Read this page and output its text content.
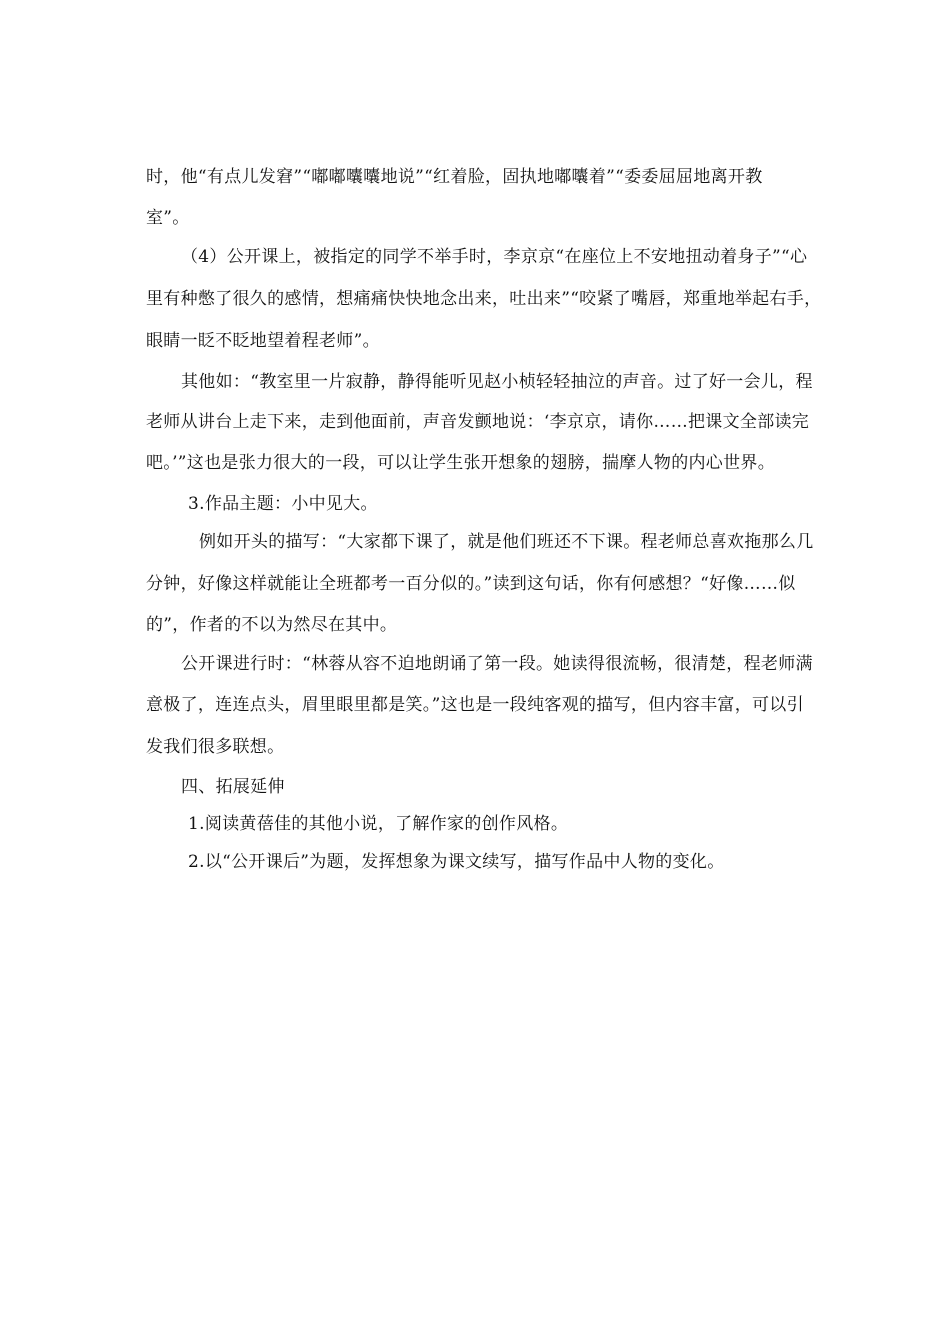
时，他“有点儿发窘”“嘟嘟囔囔地说”“红着脸，固执地嘟囔着”“委委屈屈地离开教
室”。
（4）公开课上，被指定的同学不举手时，李京京“在座位上不安地扭动着身子”“心
里有种憋了很久的感情，想痛痛快快地念出来，吐出来”“咬紧了嘴唇，郑重地举起右手，
眼睛一眨不眨地望着程老师”。
其他如：“教室里一片寂静，静得能听见赵小桢轻轻抽泣的声音。过了好一会儿，程
老师从讲台上走下来，走到他面前，声音发颤地说：‘李京京，请你……把课文全部读完
吧。’”这也是张力很大的一段，可以让学生张开想象的翅膀，揣摩人物的内心世界。
3.作品主题：小中见大。
例如开头的描写：“大家都下课了，就是他们班还不下课。程老师总喜欢拖那么几
分钟，好像这样就能让全班都考一百分似的。”读到这句话，你有何感想？“好像……似
的”，作者的不以为然尽在其中。
公开课进行时：“林蓉从容不迫地朗诵了第一段。她读得很流畅，很清楚，程老师满
意极了，连连点头，眉里眼里都是笑。”这也是一段纯客观的描写，但内容丰富，可以引
发我们很多联想。
四、拓展延伸
1.阅读黄蓓佳的其他小说，了解作家的创作风格。
2.以“公开课后”为题，发挥想象为课文续写，描写作品中人物的变化。
